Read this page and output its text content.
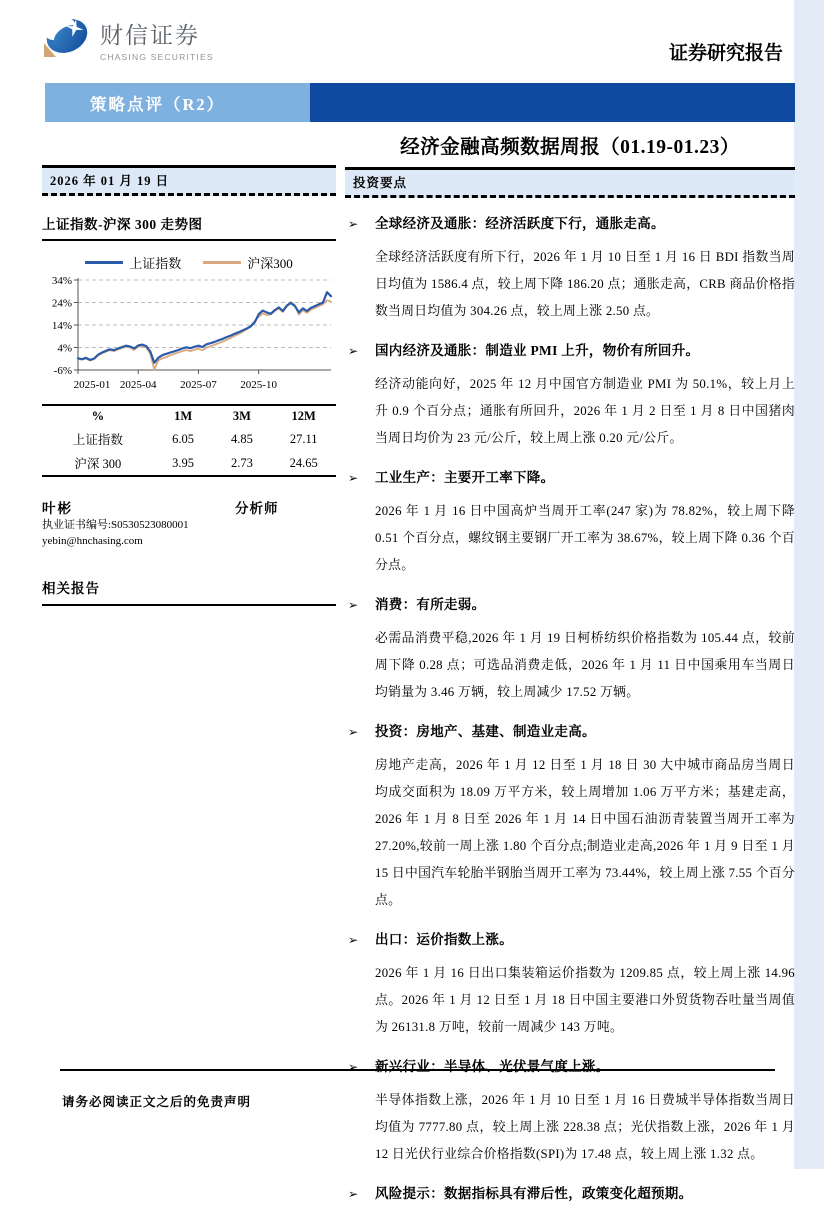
财信证券
CHASING SECURITIES	证券研究报告
策略点评（R2）
经济金融高频数据周报（01.19-01.23）
2026 年 01 月 19 日
上证指数-沪深 300 走势图
上证指数	沪深300
34%
24%
14%
4%
-6%
2025-01 2025-04 2025-07 2025-10
%	1M	3M	12M
上证指数	6.05	4.85	27.11
沪深 300	3.95	2.73	24.65
叶彬	分析师
执业证书编号:S0530523080001
yebin@hnchasing.com
相关报告
投资要点
➢	全球经济及通胀：经济活跃度下行，通胀走高。
全球经济活跃度有所下行，2026 年 1 月 10 日至 1 月 16 日 BDI 指数当周日均值为 1586.4 点，较上周下降 186.20 点；通胀走高，CRB 商品价格指数当周日均值为 304.26 点，较上周上涨 2.50 点。
➢	国内经济及通胀：制造业 PMI 上升，物价有所回升。
经济动能向好，2025 年 12 月中国官方制造业 PMI 为 50.1%，较上月上升 0.9 个百分点；通胀有所回升，2026 年 1 月 2 日至 1 月 8 日中国猪肉当周日均价为 23 元/公斤，较上周上涨 0.20 元/公斤。
➢	工业生产：主要开工率下降。
2026 年 1 月 16 日中国高炉当周开工率(247 家)为 78.82%，较上周下降 0.51 个百分点，螺纹钢主要钢厂开工率为 38.67%，较上周下降 0.36 个百分点。
➢	消费：有所走弱。
必需品消费平稳,2026 年 1 月 19 日柯桥纺织价格指数为 105.44 点，较前周下降 0.28 点；可选品消费走低，2026 年 1 月 11 日中国乘用车当周日均销量为 3.46 万辆，较上周减少 17.52 万辆。
➢	投资：房地产、基建、制造业走高。
房地产走高，2026 年 1 月 12 日至 1 月 18 日 30 大中城市商品房当周日均成交面积为 18.09 万平方米，较上周增加 1.06 万平方米；基建走高，2026 年 1 月 8 日至 2026 年 1 月 14 日中国石油沥青装置当周开工率为 27.20%,较前一周上涨 1.80 个百分点;制造业走高,2026 年 1 月 9 日至 1 月 15 日中国汽车轮胎半钢胎当周开工率为 73.44%，较上周上涨 7.55 个百分点。
➢	出口：运价指数上涨。
2026 年 1 月 16 日出口集装箱运价指数为 1209.85 点，较上周上涨 14.96 点。2026 年 1 月 12 日至 1 月 18 日中国主要港口外贸货物吞吐量当周值为 26131.8 万吨，较前一周减少 143 万吨。
➢	新兴行业：半导体、光伏景气度上涨。
半导体指数上涨，2026 年 1 月 10 日至 1 月 16 日费城半导体指数当周日均值为 7777.80 点，较上周上涨 228.38 点；光伏指数上涨，2026 年 1 月 12 日光伏行业综合价格指数(SPI)为 17.48 点，较上周上涨 1.32 点。
➢	风险提示：数据指标具有滞后性，政策变化超预期。
请务必阅读正文之后的免责声明
